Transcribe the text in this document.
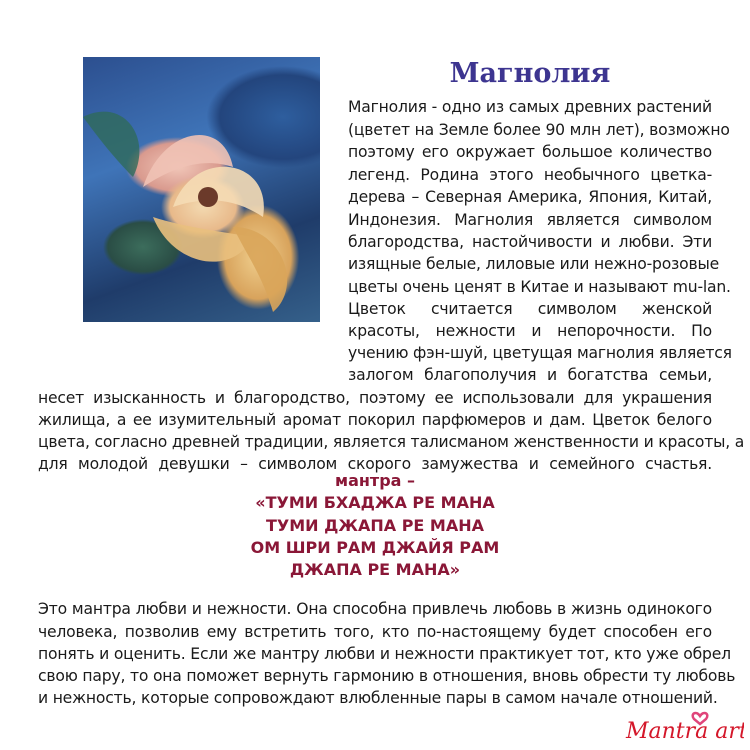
Магнолия
Магнолия - одно из самых древних растений
(цветет на Земле более 90 млн лет), возможно
поэтому его окружает большое количество
легенд. Родина этого необычного цветка-
дерева – Северная Америка, Япония, Китай,
Индонезия. Магнолия является символом
благородства, настойчивости и любви. Эти
изящные белые, лиловые или нежно-розовые
цветы очень ценят в Китае и называют mu-lan.
Цветок считается символом женской
красоты, нежности и непорочности. По
учению фэн-шуй, цветущая магнолия является
залогом благополучия и богатства семьи,
несет изысканность и благородство, поэтому ее использовали для украшения
жилища, а ее изумительный аромат покорил парфюмеров и дам. Цветок белого
цвета, согласно древней традиции, является талисманом женственности и красоты, а
для молодой девушки – символом скорого замужества и семейного счастья.
мантра –
«ТУМИ БХАДЖА РЕ МАНА
ТУМИ ДЖАПА РЕ МАНА
ОМ ШРИ РАМ ДЖАЙЯ РАМ
ДЖАПА РЕ МАНА»
Это мантра любви и нежности. Она способна привлечь любовь в жизнь одинокого
человека, позволив ему встретить того, кто по-настоящему будет способен его
понять и оценить. Если же мантру любви и нежности практикует тот, кто уже обрел
свою пару, то она поможет вернуть гармонию в отношения, вновь обрести ту любовь
и нежность, которые сопровождают влюбленные пары в самом начале отношений.
Mantra art
